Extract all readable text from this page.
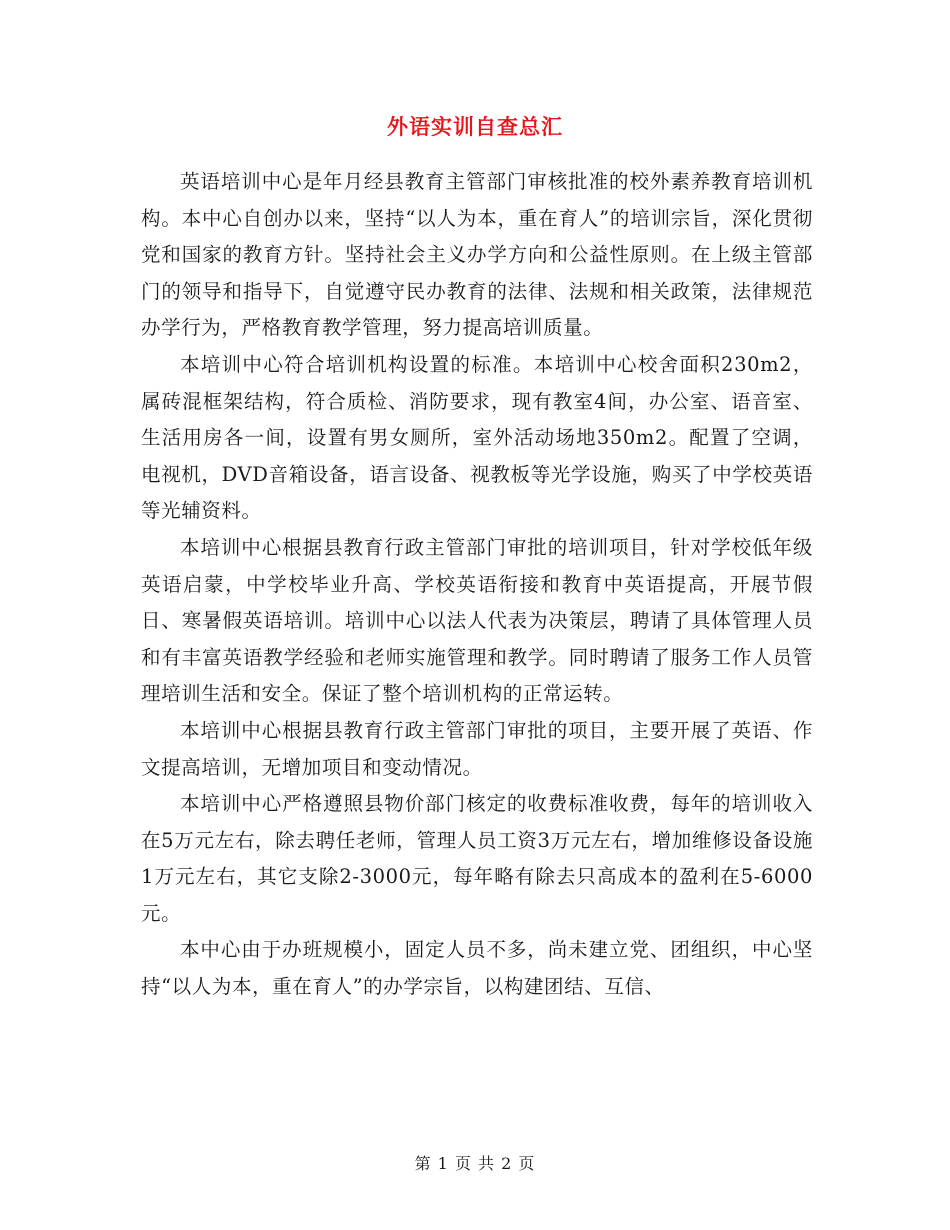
外语实训自查总汇

英语培训中心是年月经县教育主管部门审核批准的校外素养教育培训机构。本中心自创办以来，坚持“以人为本，重在育人”的培训宗旨，深化贯彻党和国家的教育方针。坚持社会主义办学方向和公益性原则。在上级主管部门的领导和指导下，自觉遵守民办教育的法律、法规和相关政策，法律规范办学行为，严格教育教学管理，努力提高培训质量。

本培训中心符合培训机构设置的标准。本培训中心校舍面积230m2，属砖混框架结构，符合质检、消防要求，现有教室4间，办公室、语音室、生活用房各一间，设置有男女厕所，室外活动场地350m2。配置了空调，电视机，DVD音箱设备，语言设备、视教板等光学设施，购买了中学校英语等光辅资料。

本培训中心根据县教育行政主管部门审批的培训项目，针对学校低年级英语启蒙，中学校毕业升高、学校英语衔接和教育中英语提高，开展节假日、寒暑假英语培训。培训中心以法人代表为决策层，聘请了具体管理人员和有丰富英语教学经验和老师实施管理和教学。同时聘请了服务工作人员管理培训生活和安全。保证了整个培训机构的正常运转。

本培训中心根据县教育行政主管部门审批的项目，主要开展了英语、作文提高培训，无增加项目和变动情况。

本培训中心严格遵照县物价部门核定的收费标准收费，每年的培训收入在5万元左右，除去聘任老师，管理人员工资3万元左右，增加维修设备设施1万元左右，其它支除2-3000元，每年略有除去只高成本的盈利在5-6000元。

本中心由于办班规模小，固定人员不多，尚未建立党、团组织，中心坚持“以人为本，重在育人”的办学宗旨，以构建团结、互信、

第 1 页 共 2 页
